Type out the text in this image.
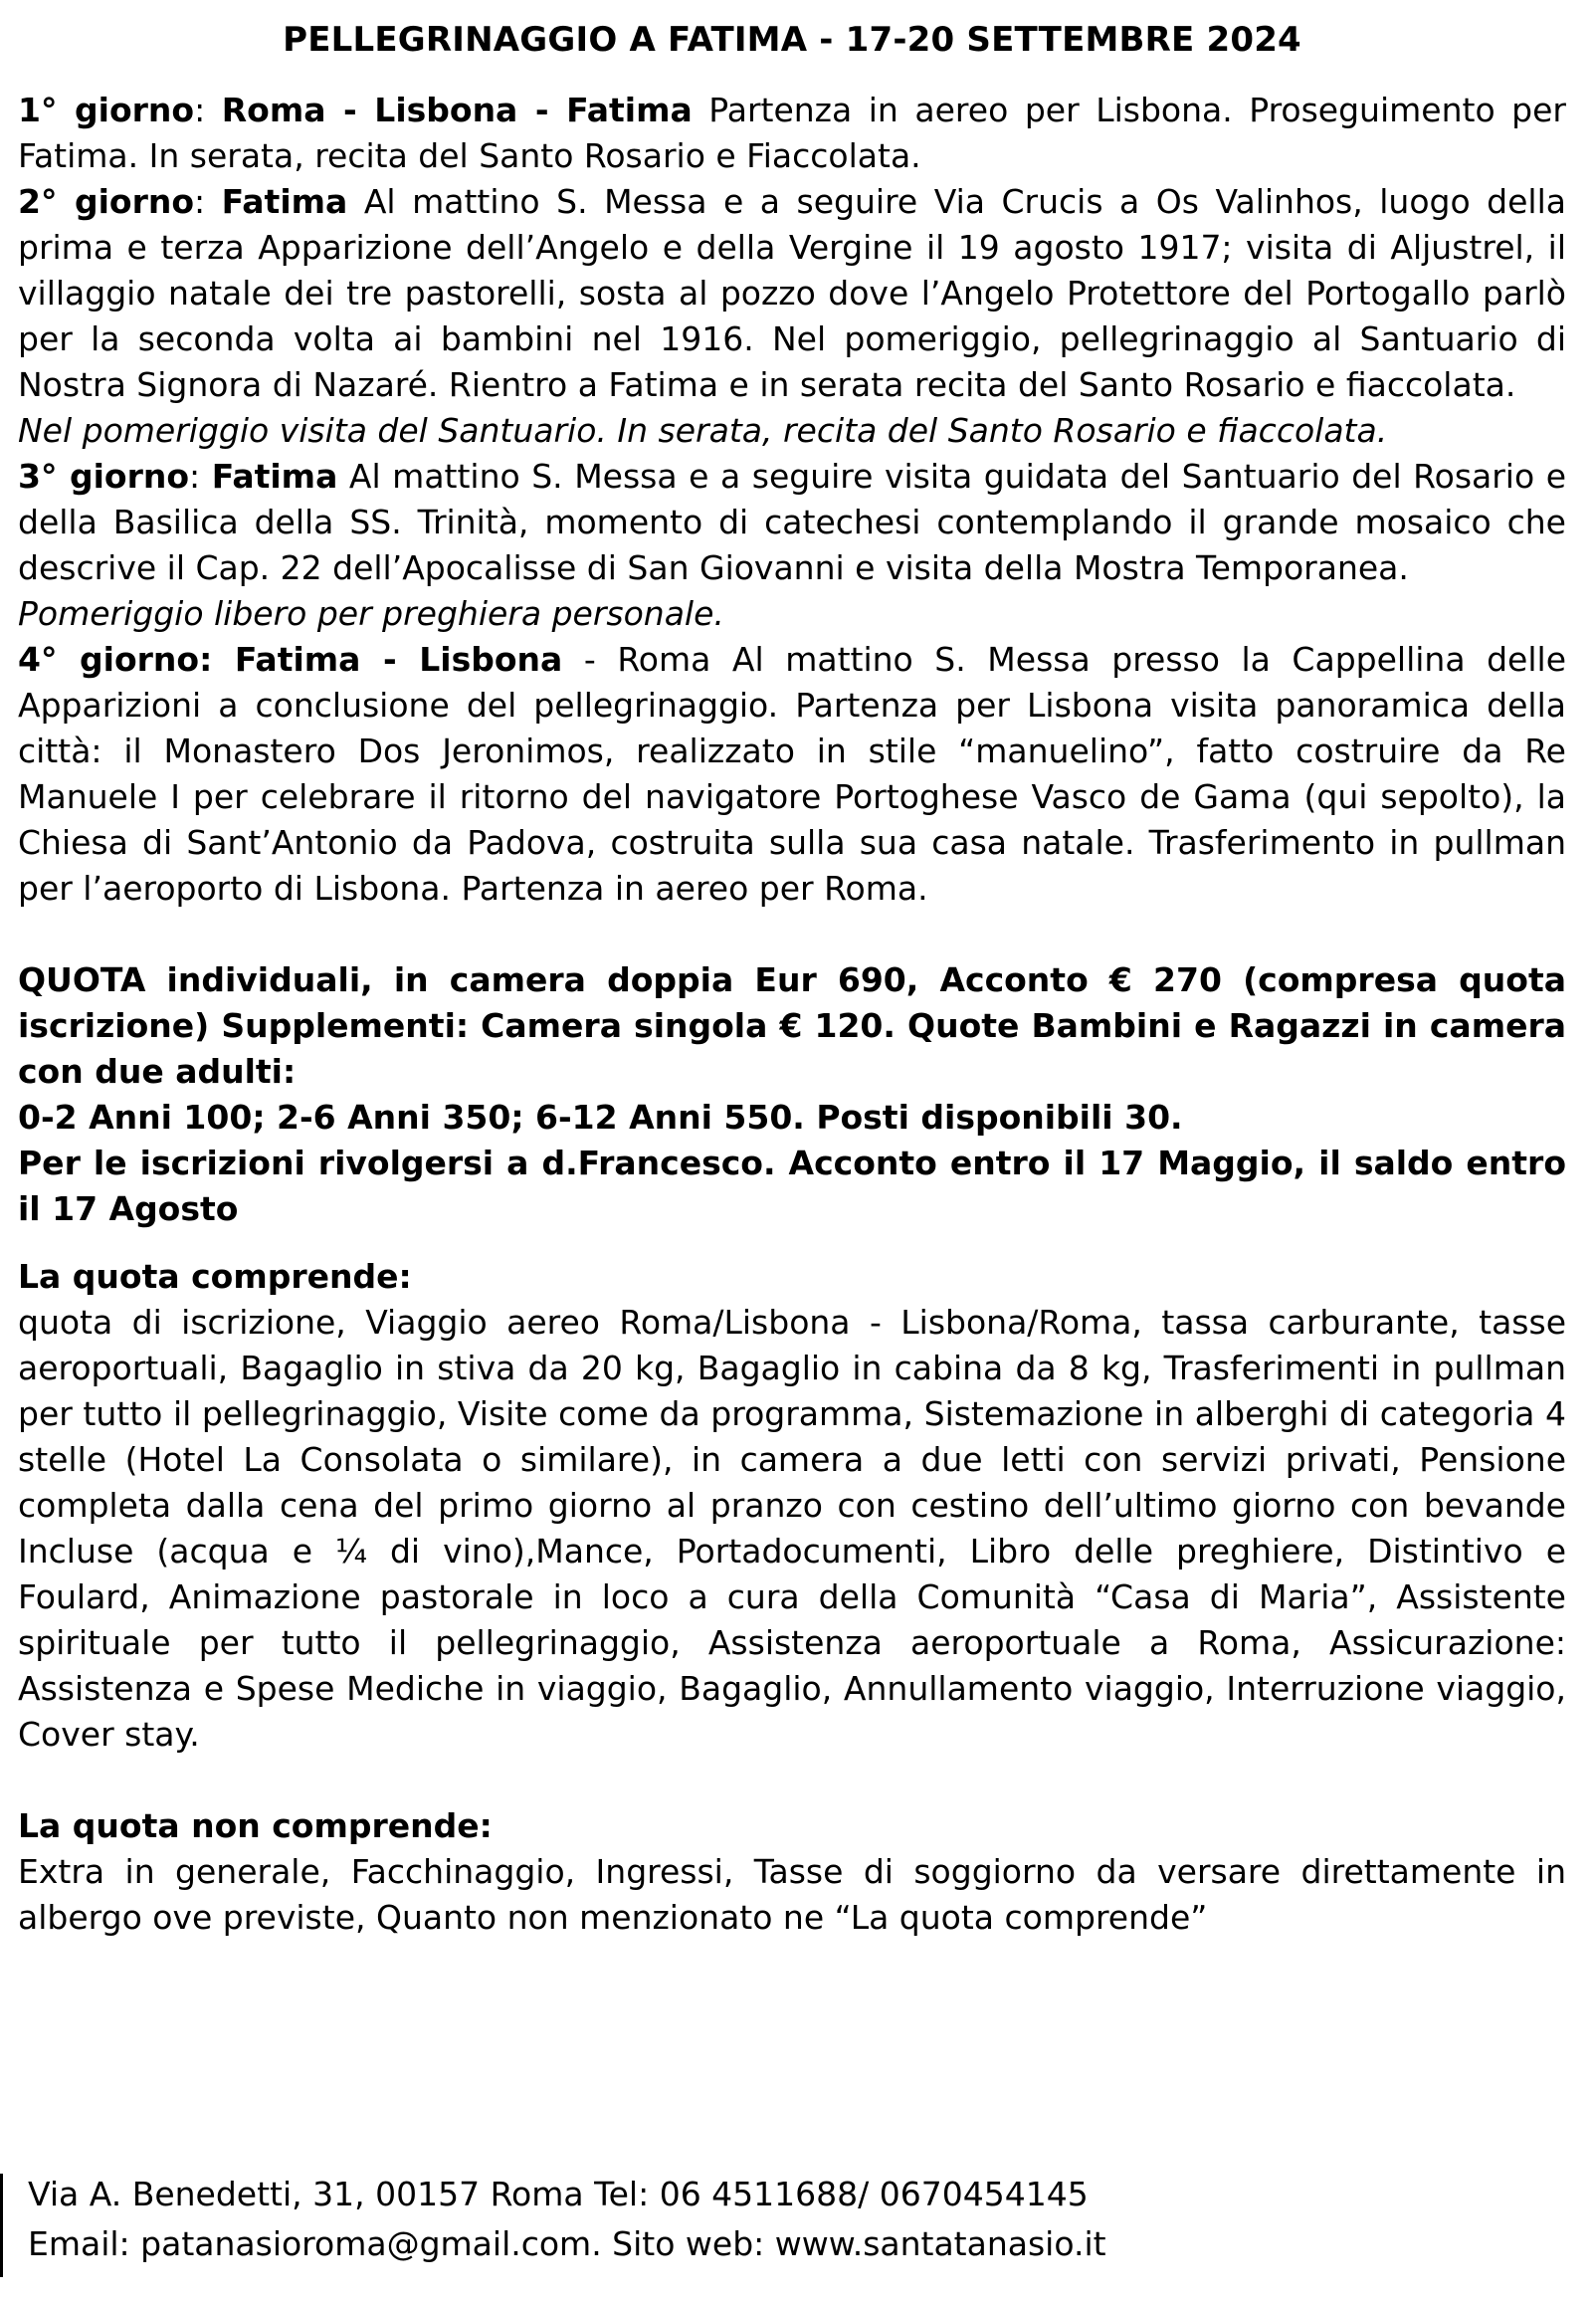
PELLEGRINAGGIO A FATIMA - 17-20 SETTEMBRE 2024

1° giorno: Roma - Lisbona - Fatima Partenza in aereo per Lisbona. Proseguimento per Fatima. In serata, recita del Santo Rosario e Fiaccolata.

2° giorno: Fatima Al mattino S. Messa e a seguire Via Crucis a Os Valinhos, luogo della prima e terza Apparizione dell’Angelo e della Vergine il 19 agosto 1917; visita di Aljustrel, il villaggio natale dei tre pastorelli, sosta al pozzo dove l’Angelo Protettore del Portogallo parlò per la seconda volta ai bambini nel 1916. Nel pomeriggio, pellegrinaggio al Santuario di Nostra Signora di Nazaré. Rientro a Fatima e in serata recita del Santo Rosario e fiaccolata.

Nel pomeriggio visita del Santuario. In serata, recita del Santo Rosario e fiaccolata.

3° giorno: Fatima Al mattino S. Messa e a seguire visita guidata del Santuario del Rosario e della Basilica della SS. Trinità, momento di catechesi contemplando il grande mosaico che descrive il Cap. 22 dell’Apocalisse di San Giovanni e visita della Mostra Temporanea.

Pomeriggio libero per preghiera personale.

4° giorno: Fatima - Lisbona - Roma Al mattino S. Messa presso la Cappellina delle Apparizioni a conclusione del pellegrinaggio. Partenza per Lisbona visita panoramica della città: il Monastero Dos Jeronimos, realizzato in stile “manuelino”, fatto costruire da Re Manuele I per celebrare il ritorno del navigatore Portoghese Vasco de Gama (qui sepolto), la Chiesa di Sant’Antonio da Padova, costruita sulla sua casa natale. Trasferimento in pullman per l’aeroporto di Lisbona. Partenza in aereo per Roma.

QUOTA individuali, in camera doppia Eur 690, Acconto € 270 (compresa quota iscrizione) Supplementi: Camera singola € 120. Quote Bambini e Ragazzi in camera con due adulti:

0-2 Anni 100; 2-6 Anni 350; 6-12 Anni 550. Posti disponibili 30.

Per le iscrizioni rivolgersi a d.Francesco. Acconto entro il 17 Maggio, il saldo entro il 17 Agosto

La quota comprende:

quota di iscrizione, Viaggio aereo Roma/Lisbona - Lisbona/Roma, tassa carburante, tasse aeroportuali, Bagaglio in stiva da 20 kg, Bagaglio in cabina da 8 kg, Trasferimenti in pullman per tutto il pellegrinaggio, Visite come da programma, Sistemazione in alberghi di categoria 4 stelle (Hotel La Consolata o similare), in camera a due letti con servizi privati, Pensione completa dalla cena del primo giorno al pranzo con cestino dell’ultimo giorno con bevande Incluse (acqua e ¼ di vino),Mance, Portadocumenti, Libro delle preghiere, Distintivo e Foulard, Animazione pastorale in loco a cura della Comunità “Casa di Maria”, Assistente spirituale per tutto il pellegrinaggio, Assistenza aeroportuale a Roma, Assicurazione: Assistenza e Spese Mediche in viaggio, Bagaglio, Annullamento viaggio, Interruzione viaggio, Cover stay.

La quota non comprende:

Extra in generale, Facchinaggio, Ingressi, Tasse di soggiorno da versare direttamente in albergo ove previste, Quanto non menzionato ne “La quota comprende”

Via A. Benedetti, 31, 00157 Roma Tel: 06 4511688/ 0670454145
Email: patanasioroma@gmail.com. Sito web: www.santatanasio.it
